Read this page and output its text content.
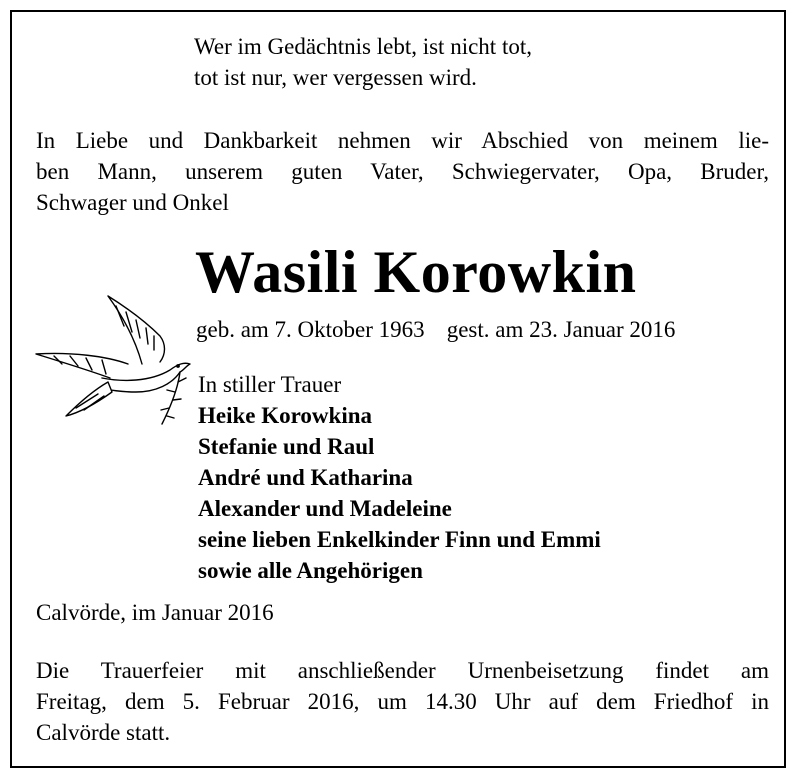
Wer im Gedächtnis lebt, ist nicht tot,
tot ist nur, wer vergessen wird.
In Liebe und Dankbarkeit nehmen wir Abschied von meinem lie-
ben Mann, unserem guten Vater, Schwiegervater, Opa, Bruder,
Schwager und Onkel
Wasili Korowkin
geb. am 7. Oktober 1963 gest. am 23. Januar 2016
In stiller Trauer
Heike Korowkina
Stefanie und Raul
André und Katharina
Alexander und Madeleine
seine lieben Enkelkinder Finn und Emmi
sowie alle Angehörigen
Calvörde, im Januar 2016
Die Trauerfeier mit anschließender Urnenbeisetzung findet am
Freitag, dem 5. Februar 2016, um 14.30 Uhr auf dem Friedhof in
Calvörde statt.
